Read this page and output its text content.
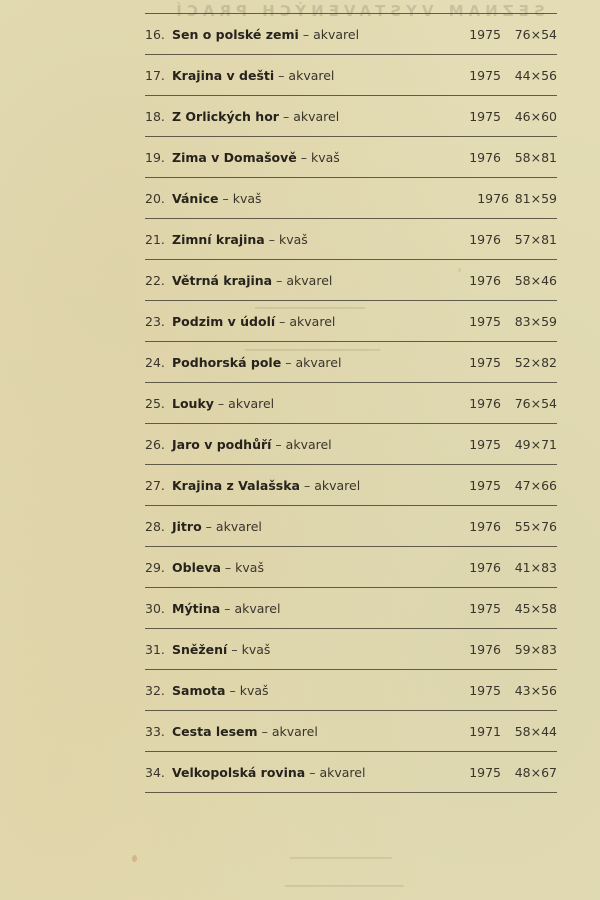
SEZNAM VYSTAVENÝCH PRACÍ
▁▁▁▁▁▁▁▁▁▁▁▁▁
▁▁▁▁▁▁▁▁▁▁▁▁▁▁▁▁
▁▁▁▁▁▁▁▁▁▁▁▁
▁▁▁▁▁▁▁▁▁▁▁▁▁▁
16. Sen o polské zemi – akvarel	1975 76×54
17. Krajina v dešti – akvarel	1975 44×56
18. Z Orlických hor – akvarel	1975 46×60
19. Zima v Domašově – kvaš	1976 58×81
20. Vánice – kvaš	1976 81×59
21. Zimní krajina – kvaš	1976 57×81
22. Větrná krajina – akvarel	1976 58×46
23. Podzim v údolí – akvarel	1975 83×59
24. Podhorská pole – akvarel	1975 52×82
25. Louky – akvarel	1976 76×54
26. Jaro v podhůří – akvarel	1975 49×71
27. Krajina z Valašska – akvarel	1975 47×66
28. Jitro – akvarel	1976 55×76
29. Obleva – kvaš	1976 41×83
30. Mýtina – akvarel	1975 45×58
31. Sněžení – kvaš	1976 59×83
32. Samota – kvaš	1975 43×56
33. Cesta lesem – akvarel	1971 58×44
34. Velkopolská rovina – akvarel	1975 48×67
